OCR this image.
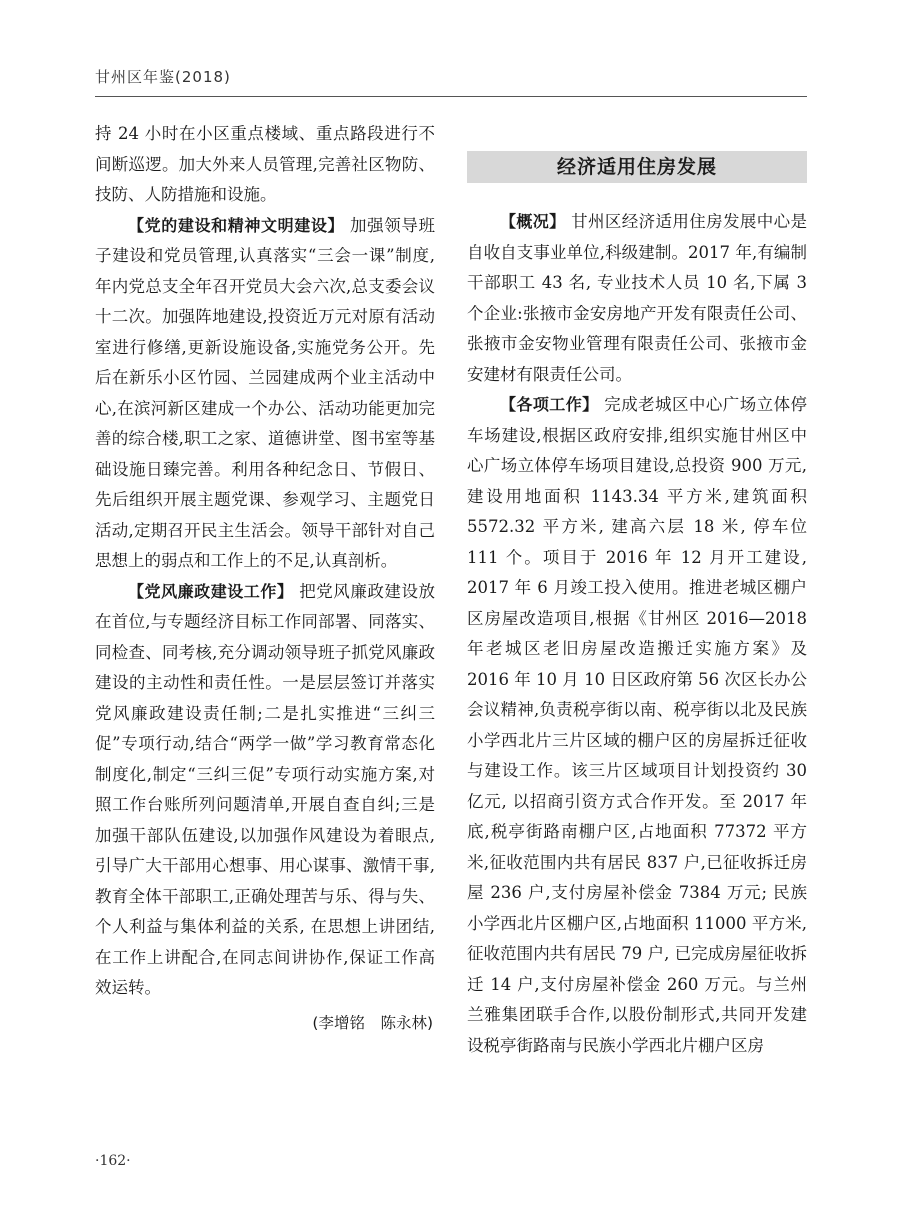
甘州区年鉴(2018)

持 24 小时在小区重点楼域、重点路段进行不间断巡逻。加大外来人员管理,完善社区物防、技防、人防措施和设施。

【党的建设和精神文明建设】 加强领导班子建设和党员管理,认真落实“三会一课”制度,年内党总支全年召开党员大会六次,总支委会议十二次。加强阵地建设,投资近万元对原有活动室进行修缮,更新设施设备,实施党务公开。先后在新乐小区竹园、兰园建成两个业主活动中心,在滨河新区建成一个办公、活动功能更加完善的综合楼,职工之家、道德讲堂、图书室等基础设施日臻完善。利用各种纪念日、节假日、先后组织开展主题党课、参观学习、主题党日活动,定期召开民主生活会。领导干部针对自己思想上的弱点和工作上的不足,认真剖析。

【党风廉政建设工作】 把党风廉政建设放在首位,与专题经济目标工作同部署、同落实、同检查、同考核,充分调动领导班子抓党风廉政建设的主动性和责任性。一是层层签订并落实党风廉政建设责任制;二是扎实推进“三纠三促”专项行动,结合“两学一做”学习教育常态化制度化,制定“三纠三促”专项行动实施方案,对照工作台账所列问题清单,开展自查自纠;三是加强干部队伍建设,以加强作风建设为着眼点,引导广大干部用心想事、用心谋事、激情干事,教育全体干部职工,正确处理苦与乐、得与失、个人利益与集体利益的关系, 在思想上讲团结,在工作上讲配合,在同志间讲协作,保证工作高效运转。

(李增铭　陈永林)
经济适用住房发展

【概况】 甘州区经济适用住房发展中心是自收自支事业单位,科级建制。2017 年,有编制干部职工 43 名, 专业技术人员 10 名,下属 3 个企业:张掖市金安房地产开发有限责任公司、张掖市金安物业管理有限责任公司、张掖市金安建材有限责任公司。

【各项工作】 完成老城区中心广场立体停车场建设,根据区政府安排,组织实施甘州区中心广场立体停车场项目建设,总投资 900 万元,建设用地面积 1143.34 平方米,建筑面积 5572.32 平方米, 建高六层 18 米, 停车位 111 个。项目于 2016 年 12 月开工建设, 2017 年 6 月竣工投入使用。推进老城区棚户区房屋改造项目,根据《甘州区 2016—2018 年老城区老旧房屋改造搬迁实施方案》及 2016 年 10 月 10 日区政府第 56 次区长办公会议精神,负责税亭街以南、税亭街以北及民族小学西北片三片区域的棚户区的房屋拆迁征收与建设工作。该三片区域项目计划投资约 30 亿元, 以招商引资方式合作开发。至 2017 年底,税亭街路南棚户区,占地面积 77372 平方米,征收范围内共有居民 837 户,已征收拆迁房屋 236 户,支付房屋补偿金 7384 万元; 民族小学西北片区棚户区,占地面积 11000 平方米,征收范围内共有居民 79 户, 已完成房屋征收拆迁 14 户,支付房屋补偿金 260 万元。与兰州兰雅集团联手合作,以股份制形式,共同开发建设税亭街路南与民族小学西北片棚户区房

·162·
